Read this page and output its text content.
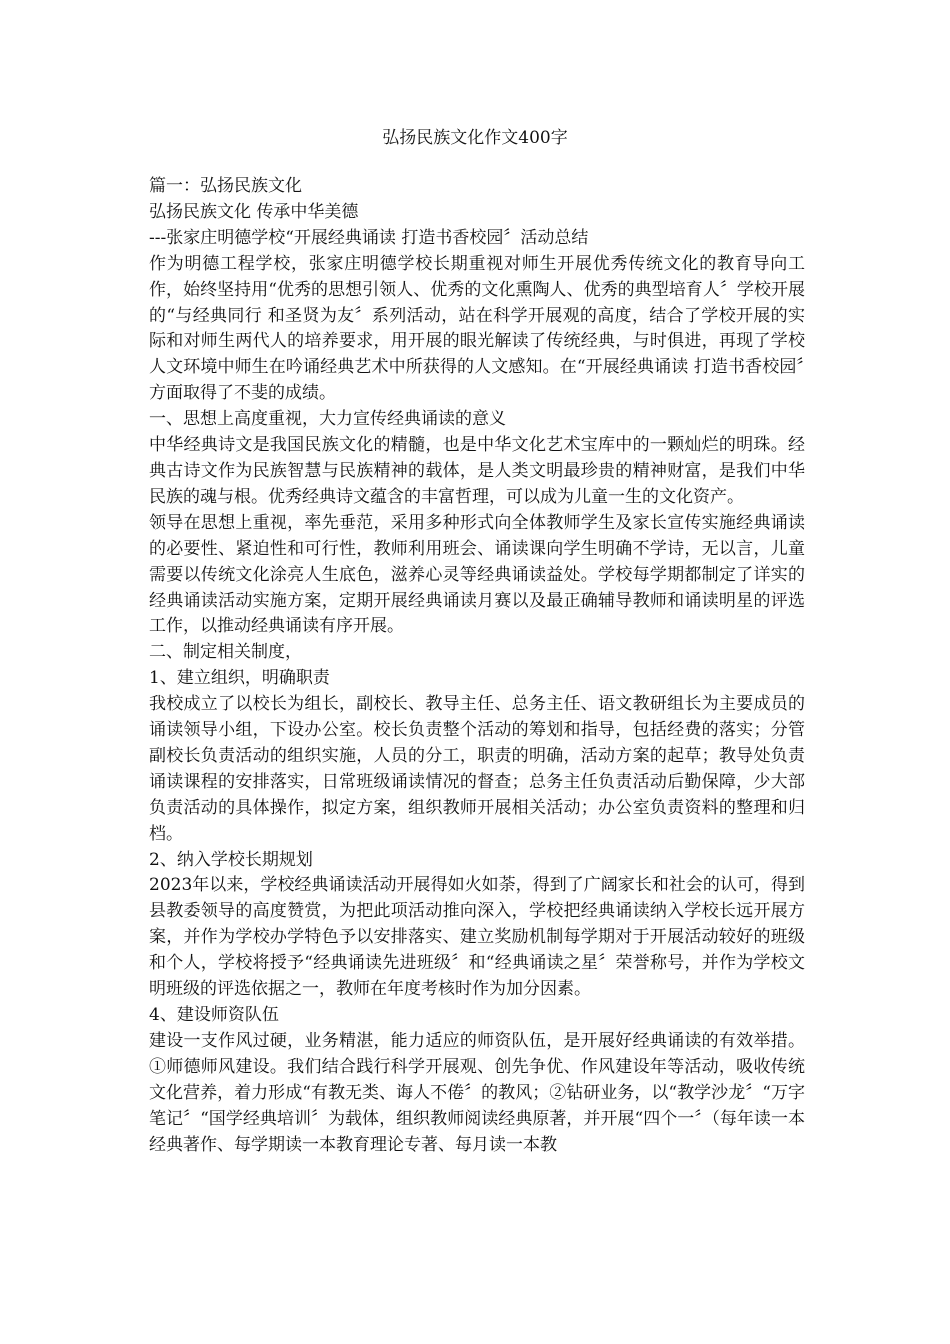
弘扬民族文化作文400字

篇一：弘扬民族文化

弘扬民族文化 传承中华美德

---张家庄明德学校“开展经典诵读 打造书香校园〞活动总结

作为明德工程学校，张家庄明德学校长期重视对师生开展优秀传统文化的教育导向工作，始终坚持用“优秀的思想引领人、优秀的文化熏陶人、优秀的典型培育人〞学校开展的“与经典同行 和圣贤为友〞系列活动，站在科学开展观的高度，结合了学校开展的实际和对师生两代人的培养要求，用开展的眼光解读了传统经典，与时俱进，再现了学校人文环境中师生在吟诵经典艺术中所获得的人文感知。在“开展经典诵读 打造书香校园〞方面取得了不斐的成绩。

一、思想上高度重视，大力宣传经典诵读的意义

中华经典诗文是我国民族文化的精髓，也是中华文化艺术宝库中的一颗灿烂的明珠。经典古诗文作为民族智慧与民族精神的载体，是人类文明最珍贵的精神财富，是我们中华民族的魂与根。优秀经典诗文蕴含的丰富哲理，可以成为儿童一生的文化资产。

领导在思想上重视，率先垂范，采用多种形式向全体教师学生及家长宣传实施经典诵读的必要性、紧迫性和可行性，教师利用班会、诵读课向学生明确不学诗，无以言，儿童需要以传统文化涂亮人生底色，滋养心灵等经典诵读益处。学校每学期都制定了详实的经典诵读活动实施方案，定期开展经典诵读月赛以及最正确辅导教师和诵读明星的评选工作，以推动经典诵读有序开展。

二、制定相关制度，

1、建立组织，明确职责

我校成立了以校长为组长，副校长、教导主任、总务主任、语文教研组长为主要成员的诵读领导小组，下设办公室。校长负责整个活动的筹划和指导，包括经费的落实；分管副校长负责活动的组织实施，人员的分工，职责的明确，活动方案的起草；教导处负责诵读课程的安排落实，日常班级诵读情况的督查；总务主任负责活动后勤保障，少大部负责活动的具体操作，拟定方案，组织教师开展相关活动；办公室负责资料的整理和归档。

2、纳入学校长期规划

2023年以来，学校经典诵读活动开展得如火如荼，得到了广阔家长和社会的认可，得到县教委领导的高度赞赏，为把此项活动推向深入，学校把经典诵读纳入学校长远开展方案，并作为学校办学特色予以安排落实、建立奖励机制每学期对于开展活动较好的班级和个人，学校将授予“经典诵读先进班级〞和“经典诵读之星〞荣誉称号，并作为学校文明班级的评选依据之一，教师在年度考核时作为加分因素。

4、建设师资队伍

建设一支作风过硬，业务精湛，能力适应的师资队伍，是开展好经典诵读的有效举措。①师德师风建设。我们结合践行科学开展观、创先争优、作风建设年等活动，吸收传统文化营养，着力形成“有教无类、诲人不倦〞的教风；②钻研业务，以“教学沙龙〞“万字笔记〞“国学经典培训〞为载体，组织教师阅读经典原著，并开展“四个一〞（每年读一本经典著作、每学期读一本教育理论专著、每月读一本教
